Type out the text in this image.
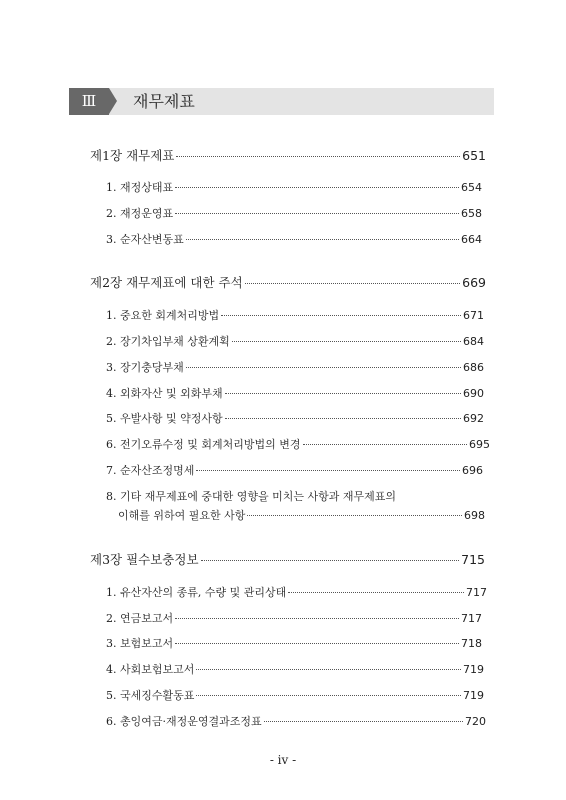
Ⅲ	재무제표
제1장 재무제표	651
1. 재정상태표	654
2. 재정운영표	658
3. 순자산변동표	664
제2장 재무제표에 대한 주석	669
1. 중요한 회계처리방법	671
2. 장기차입부채 상환계획	684
3. 장기충당부채	686
4. 외화자산 및 외화부채	690
5. 우발사항 및 약정사항	692
6. 전기오류수정 및 회계처리방법의 변경	695
7. 순자산조정명세	696
8. 기타 재무제표에 중대한 영향을 미치는 사항과 재무제표의
이해를 위하여 필요한 사항	698
제3장 필수보충정보	715
1. 유산자산의 종류, 수량 및 관리상태	717
2. 연금보고서	717
3. 보험보고서	718
4. 사회보험보고서	719
5. 국세징수활동표	719
6. 총잉여금·재정운영결과조정표	720
- iv -
